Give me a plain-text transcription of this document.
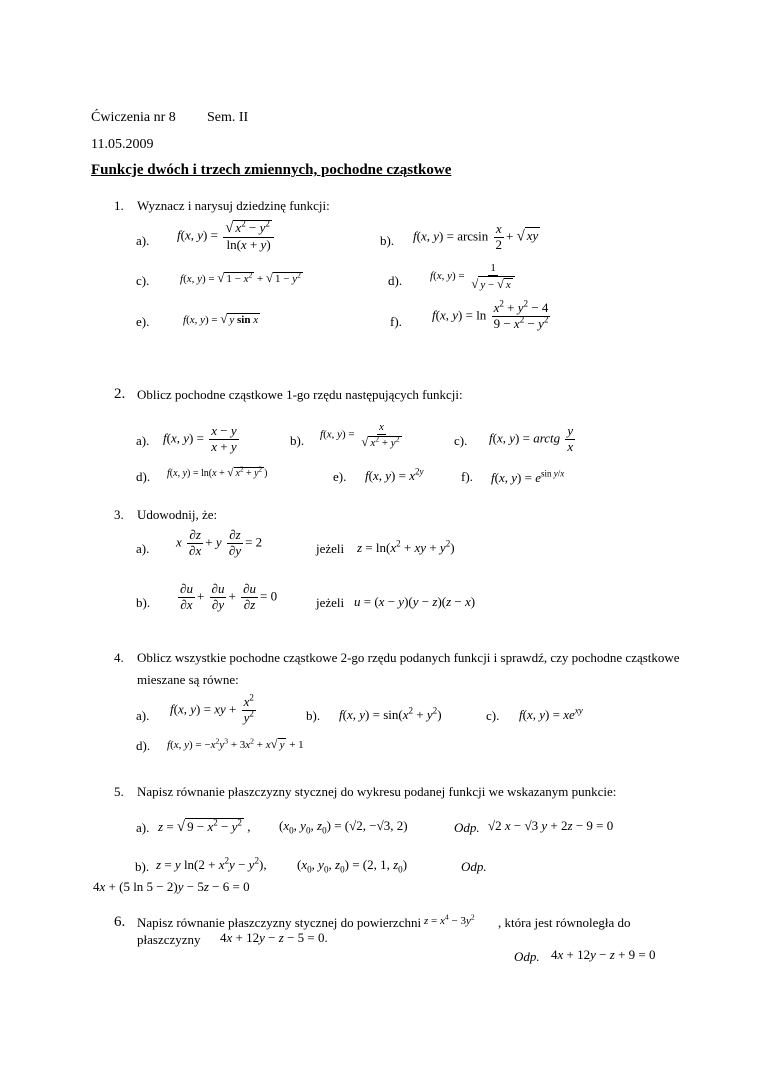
Ćwiczenia nr 8 Sem. II
11.05.2009
Funkcje dwóch i trzech zmiennych, pochodne cząstkowe
1. Wyznacz i narysuj dziedzinę funkcji:
a). f(x, $y) = \frac{√ x^2 - y^2}{\ln(x + y)}$	b). f(x, $y) = \arcsin \frac{x}{2}$ + √ xy
c).	f(x, y) = √ $1 - x^2$ + √ $1 - y^2$	d).	f(x, $y) = \frac{1}{√ y - √ x}$
e).	f(x, y) = √ y sin x	f). f(x, $y) = \ln \frac{x^2 + y^2 - 4}{9 - x^2 - y^2}$
2. Oblicz pochodne cząstkowe 1-go rzędu następujących funkcji:
a). f(x, $y) = \frac{x - y}{x + y}$	b). f(x, $y) = \frac{x}{√ x^2 + y^2}$	c). f(x, y) = arctg $\frac{y}{x}$
d). f(x, y) = ln(x + √ $x^2 + y^2$ )	e). f(x, $y) = x^{2y}$	f). f(x, $y) = e^{sin y/x}$
3. Udowodnij, że:
a). x $\frac{\partial z}{\partial x} + y \frac{\partial z}{\partial y} = 2$	jeżeli $z = \ln(x^2$ + xy + $y^2$)
b). $\frac{\partial u}{\partial x} + \frac{\partial u}{\partial y} + \frac{\partial u}{\partial z} = 0$	jeżeli u = (x − y)(y − z)(z − x)
4. Oblicz wszystkie pochodne cząstkowe 2-go rzędu podanych funkcji i sprawdź, czy pochodne cząstkowe
mieszane są równe:
a). f(x, y) = xy + $\frac{x^2}{y^2}$	b). f(x, $y) = \sin(x^2 + y^2)$	c). f(x, $y) = xe^{xy}$
d). f(x, $y) = -x^2y^3 + 3x^2 + x√$ y + 1
5. Napisz równanie płaszczyzny stycznej do wykresu podanej funkcji we wskazanym punkcie:
a). z = √ $9 - x^2 - y^2$ , ($x_0$, $y_0$, $z_0) = (√2$, −√3, 2)	Odp. √2 x − √3 y + 2z − 9 = 0
b). z = y $\ln(2 + x^2y - y^2)$, ($x_0$, $y_0$, $z_0) = (2$, 1, $z_0$)	Odp.
4x + (5 ln 5 − 2)y − 5z − 6 = 0
6. Napisz równanie płaszczyzny stycznej do powierzchni $z = x^4 - 3y^2$ , która jest równoległa do
płaszczyzny 4x + 12y − z − 5 = 0.
Odp. 4x + 12y − z + 9 = 0
